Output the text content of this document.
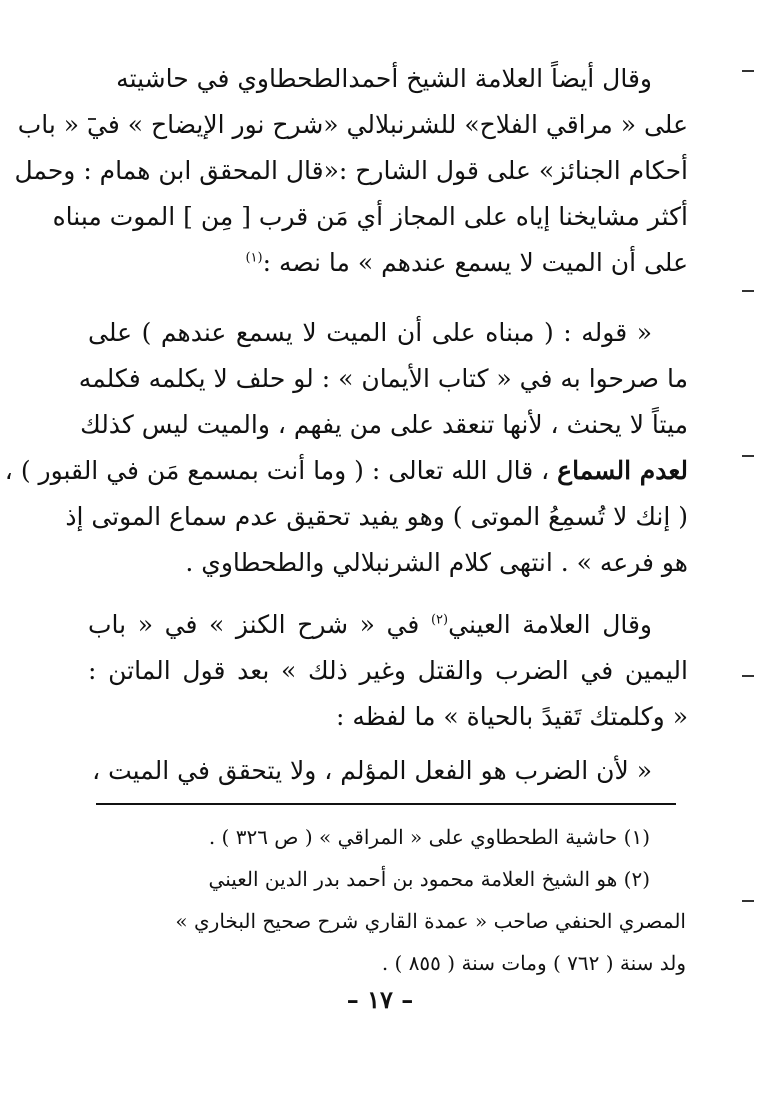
وقال أيضاً العلامة الشيخ أحمدالطحطاوي في حاشيته
على « مراقي الفلاح» للشرنبلالي «شرح نور الإيضاح » في « باب
أحكام الجنائز» على قول الشارح :«قال المحقق ابن همام : وحمل
أكثر مشايخنا إياه على المجاز أي مَن قرب [ مِن ] الموت مبناه
على أن الميت لا يسمع عندهم » ما نصه :$^{(١)}$
« قوله : ( مبناه على أن الميت لا يسمع عندهم ) على
ما صرحوا به في « كتاب الأيمان » : لو حلف لا يكلمه فكلمه
ميتاً لا يحنث ، لأنها تنعقد على من يفهم ، والميت ليس كذلك
لعدم السماع ، قال الله تعالى : ( وما أنت بمسمع مَن في القبور ) ،
( إنك لا تُسمِعُ الموتى ) وهو يفيد تحقيق عدم سماع الموتى إذ
هو فرعه » . انتهى كلام الشرنبلالي والطحطاوي .
وقال العلامة العيني$^{(٢)}$ في « شرح الكنز » في « باب
اليمين في الضرب والقتل وغير ذلك » بعد قول الماتن :
« وكلمتك تَقيدً بالحياة » ما لفظه :
« لأن الضرب هو الفعل المؤلم ، ولا يتحقق في الميت ،
(١) حاشية الطحطاوي على « المراقي » ( ص ٣٢٦ ) .
(٢) هو الشيخ العلامة محمود بن أحمد بدر الدين العيني
المصري الحنفي صاحب « عمدة القاري شرح صحيح البخاري »
ولد سنة ( ٧٦٢ ) ومات سنة ( ٨٥٥ ) .
– ١٧ –
